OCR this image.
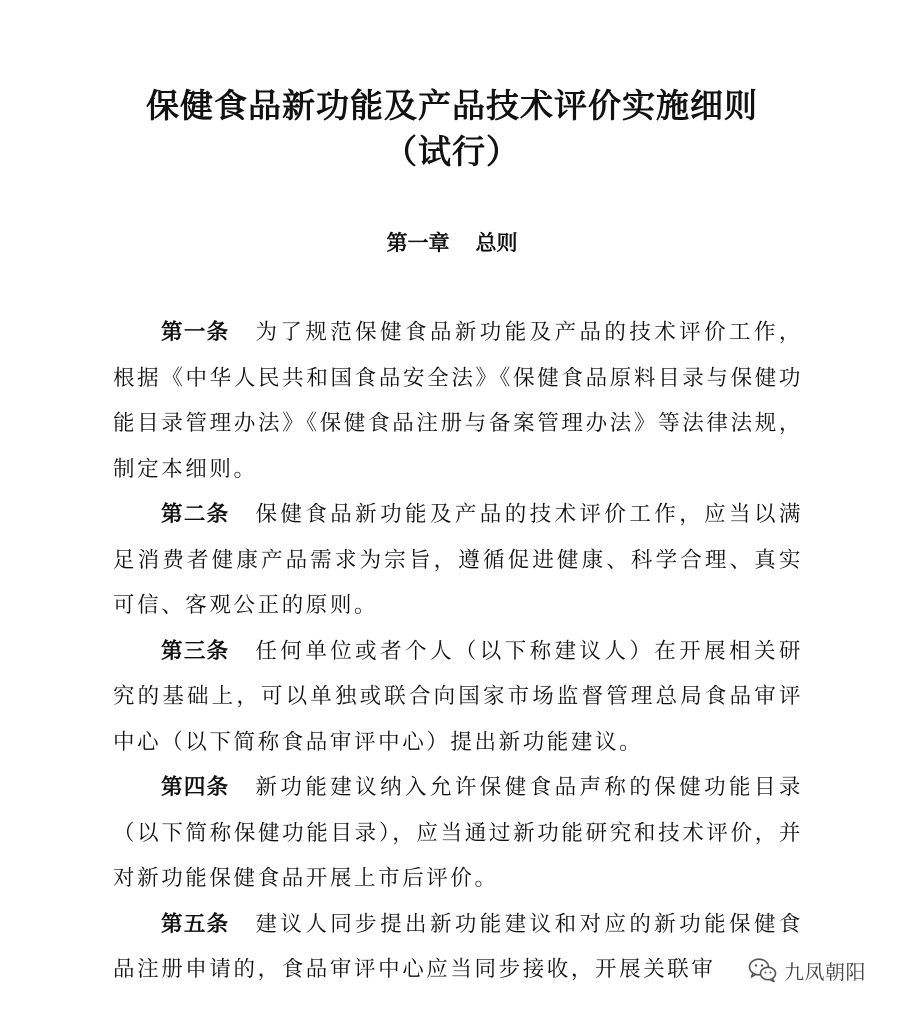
保健食品新功能及产品技术评价实施细则
（试行）
第一章 总则

第一条 为了规范保健食品新功能及产品的技术评价工作，根据《中华人民共和国食品安全法》《保健食品原料目录与保健功能目录管理办法》《保健食品注册与备案管理办法》等法律法规，制定本细则。

第二条 保健食品新功能及产品的技术评价工作，应当以满足消费者健康产品需求为宗旨，遵循促进健康、科学合理、真实可信、客观公正的原则。

第三条 任何单位或者个人（以下称建议人）在开展相关研究的基础上，可以单独或联合向国家市场监督管理总局食品审评中心（以下简称食品审评中心）提出新功能建议。

第四条 新功能建议纳入允许保健食品声称的保健功能目录（以下简称保健功能目录），应当通过新功能研究和技术评价，并对新功能保健食品开展上市后评价。

第五条 建议人同步提出新功能建议和对应的新功能保健食品注册申请的，食品审评中心应当同步接收，开展关联审	九凤朝阳
